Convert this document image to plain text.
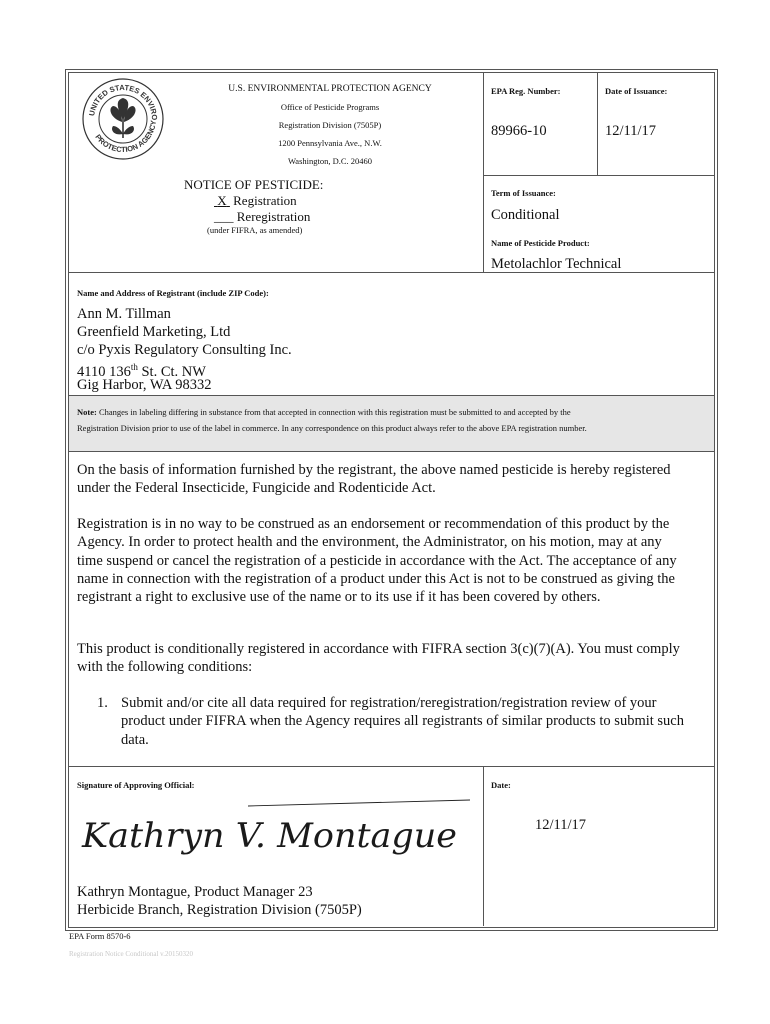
UNITED STATES ENVIRO
PROTECTION AGENCY
U.S. ENVIRONMENTAL PROTECTION AGENCY
Office of Pesticide Programs
Registration Division (7505P)
1200 Pennsylvania Ave., N.W.
Washington, D.C. 20460
NOTICE OF PESTICIDE:
X Registration
___ Reregistration
(under FIFRA, as amended)
EPA Reg. Number:
89966-10
Date of Issuance:
12/11/17
Term of Issuance:
Conditional
Name of Pesticide Product:
Metolachlor Technical
Name and Address of Registrant (include ZIP Code):
Ann M. Tillman
Greenfield Marketing, Ltd
c/o Pyxis Regulatory Consulting Inc.
4110 136th St. Ct. NW
Gig Harbor, WA 98332
Note: Changes in labeling differing in substance from that accepted in connection with this registration must be submitted to and accepted by the
Registration Division prior to use of the label in commerce. In any correspondence on this product always refer to the above EPA registration number.
On the basis of information furnished by the registrant, the above named pesticide is hereby registered
under the Federal Insecticide, Fungicide and Rodenticide Act.
Registration is in no way to be construed as an endorsement or recommendation of this product by the
Agency. In order to protect health and the environment, the Administrator, on his motion, may at any
time suspend or cancel the registration of a pesticide in accordance with the Act. The acceptance of any
name in connection with the registration of a product under this Act is not to be construed as giving the
registrant a right to exclusive use of the name or to its use if it has been covered by others.
This product is conditionally registered in accordance with FIFRA section 3(c)(7)(A). You must comply
with the following conditions:
1. Submit and/or cite all data required for registration/reregistration/registration review of your
product under FIFRA when the Agency requires all registrants of similar products to submit such
data.
Signature of Approving Official:	Date:
12/11/17
Kathryn V. Montague
Kathryn Montague, Product Manager 23
Herbicide Branch, Registration Division (7505P)
EPA Form 8570-6
Registration Notice Conditional v.20150320
